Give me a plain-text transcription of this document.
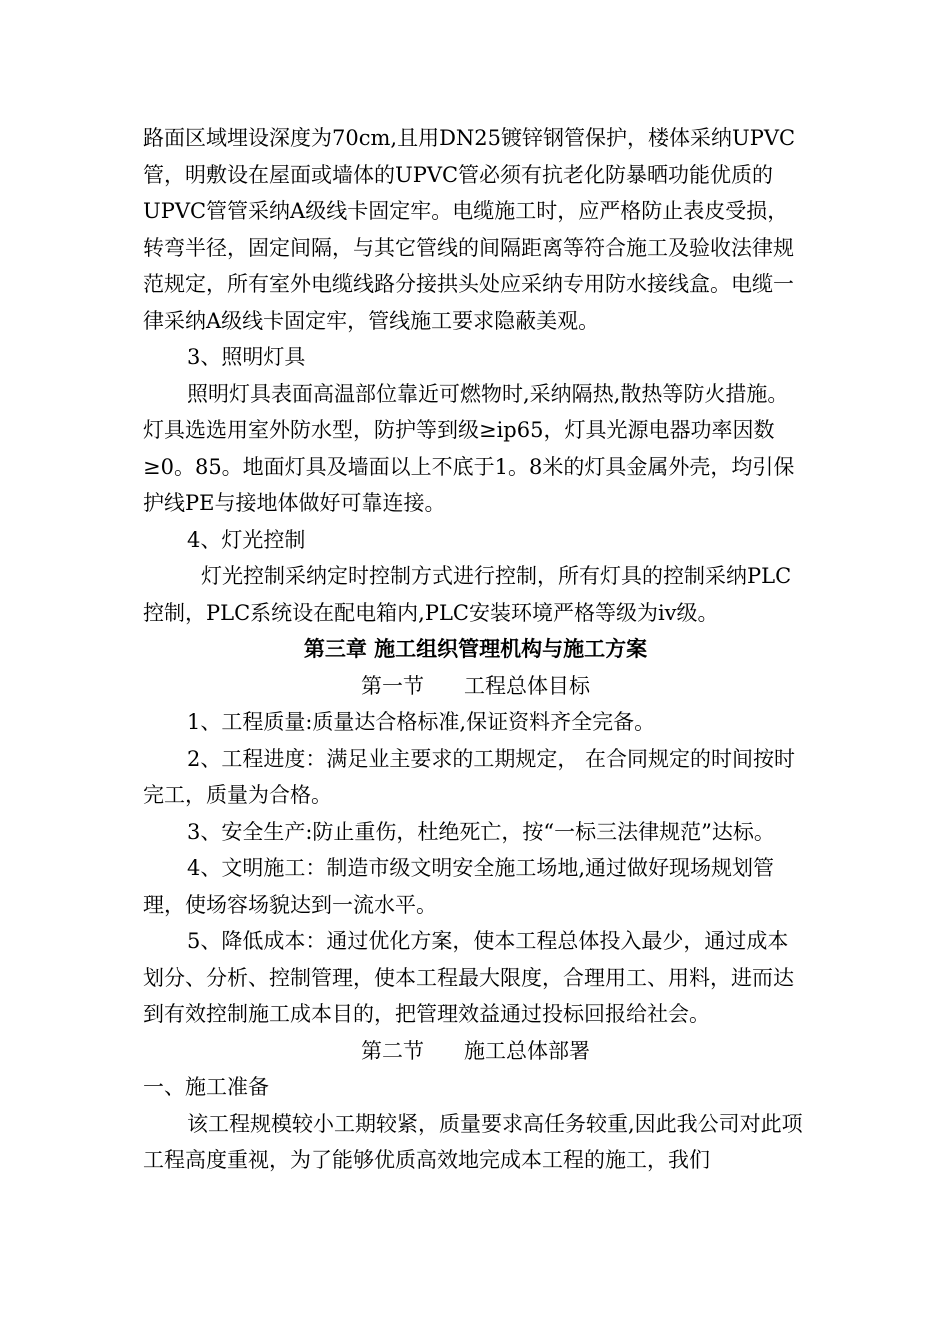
路面区域埋设深度为70cm,且用DN25镀锌钢管保护，楼体采纳UPVC管，明敷设在屋面或墙体的UPVC管必须有抗老化防暴晒功能优质的UPVC管管采纳A级线卡固定牢。电缆施工时，应严格防止表皮受损，转弯半径，固定间隔，与其它管线的间隔距离等符合施工及验收法律规范规定，所有室外电缆线路分接拱头处应采纳专用防水接线盒。电缆一律采纳A级线卡固定牢，管线施工要求隐蔽美观。

3、照明灯具

照明灯具表面高温部位靠近可燃物时,采纳隔热,散热等防火措施。灯具选选用室外防水型，防护等到级≥ip65，灯具光源电器功率因数≥0。85。地面灯具及墙面以上不底于1。8米的灯具金属外壳，均引保护线PE与接地体做好可靠连接。

4、灯光控制

灯光控制采纳定时控制方式进行控制，所有灯具的控制采纳PLC控制，PLC系统设在配电箱内,PLC安装环境严格等级为iv级。

第三章 施工组织管理机构与施工方案

第一节      工程总体目标

1、工程质量:质量达合格标准,保证资料齐全完备。

2、工程进度：满足业主要求的工期规定， 在合同规定的时间按时完工，质量为合格。

3、安全生产:防止重伤，杜绝死亡，按“一标三法律规范”达标。

4、文明施工：制造市级文明安全施工场地,通过做好现场规划管理，使场容场貌达到一流水平。

5、降低成本：通过优化方案，使本工程总体投入最少，通过成本划分、分析、控制管理，使本工程最大限度，合理用工、用料，进而达到有效控制施工成本目的，把管理效益通过投标回报给社会。

第二节      施工总体部署

一、施工准备

该工程规模较小工期较紧，质量要求高任务较重,因此我公司对此项工程高度重视，为了能够优质高效地完成本工程的施工，我们
